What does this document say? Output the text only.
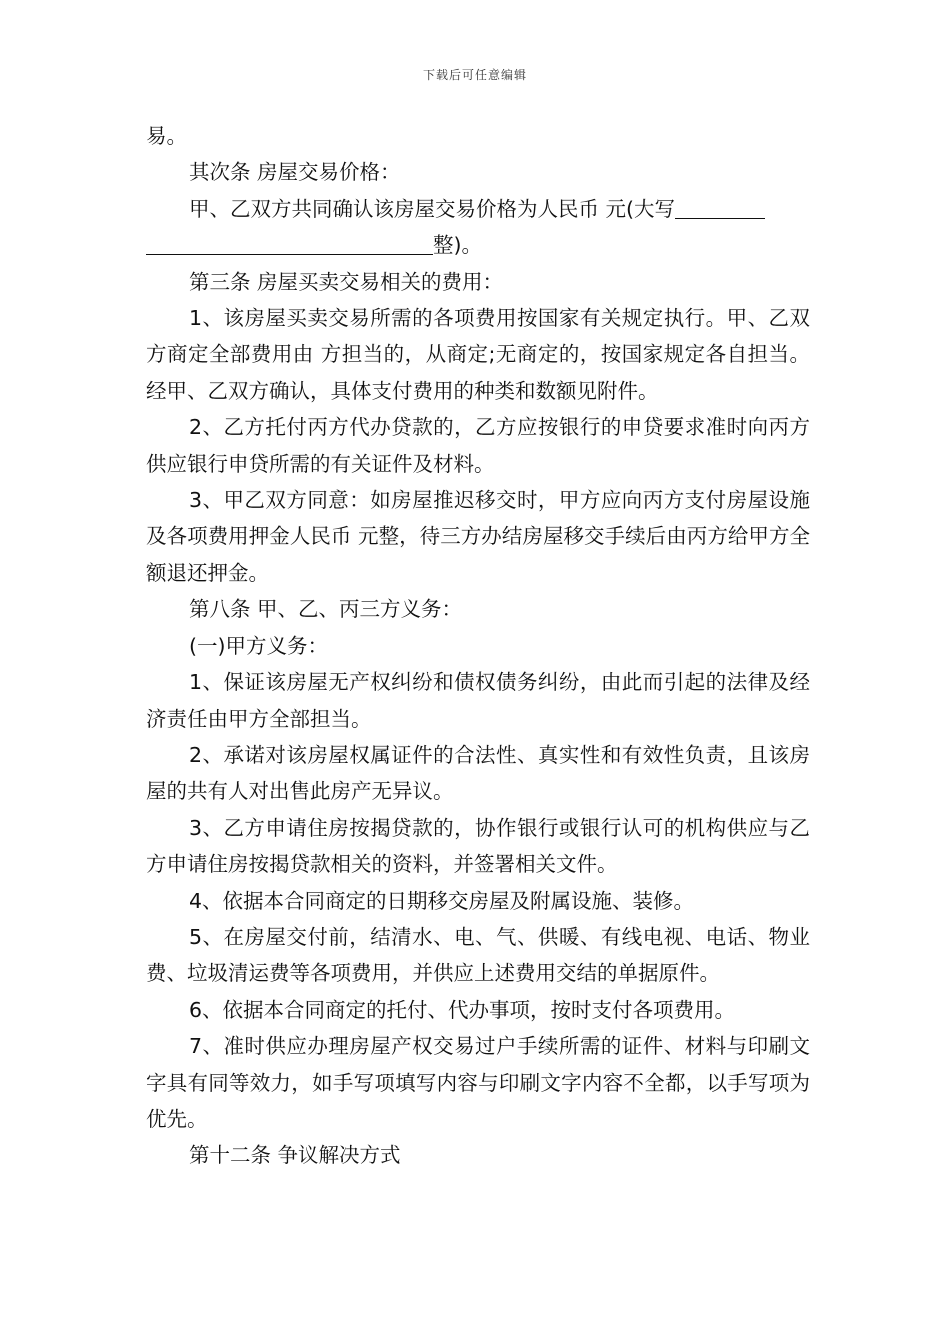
下载后可任意编辑

易。

其次条 房屋交易价格：

甲、乙双方共同确认该房屋交易价格为人民币 元(大写
整)。

第三条 房屋买卖交易相关的费用：

1、该房屋买卖交易所需的各项费用按国家有关规定执行。甲、乙双方商定全部费用由 方担当的，从商定;无商定的，按国家规定各自担当。经甲、乙双方确认，具体支付费用的种类和数额见附件。

2、乙方托付丙方代办贷款的，乙方应按银行的申贷要求准时向丙方供应银行申贷所需的有关证件及材料。

3、甲乙双方同意：如房屋推迟移交时，甲方应向丙方支付房屋设施及各项费用押金人民币 元整，待三方办结房屋移交手续后由丙方给甲方全额退还押金。

第八条 甲、乙、丙三方义务：

(一)甲方义务：

1、保证该房屋无产权纠纷和债权债务纠纷，由此而引起的法律及经济责任由甲方全部担当。

2、承诺对该房屋权属证件的合法性、真实性和有效性负责，且该房屋的共有人对出售此房产无异议。

3、乙方申请住房按揭贷款的，协作银行或银行认可的机构供应与乙方申请住房按揭贷款相关的资料，并签署相关文件。

4、依据本合同商定的日期移交房屋及附属设施、装修。

5、在房屋交付前，结清水、电、气、供暖、有线电视、电话、物业费、垃圾清运费等各项费用，并供应上述费用交结的单据原件。

6、依据本合同商定的托付、代办事项，按时支付各项费用。

7、准时供应办理房屋产权交易过户手续所需的证件、材料与印刷文字具有同等效力，如手写项填写内容与印刷文字内容不全都，以手写项为优先。

第十二条 争议解决方式
